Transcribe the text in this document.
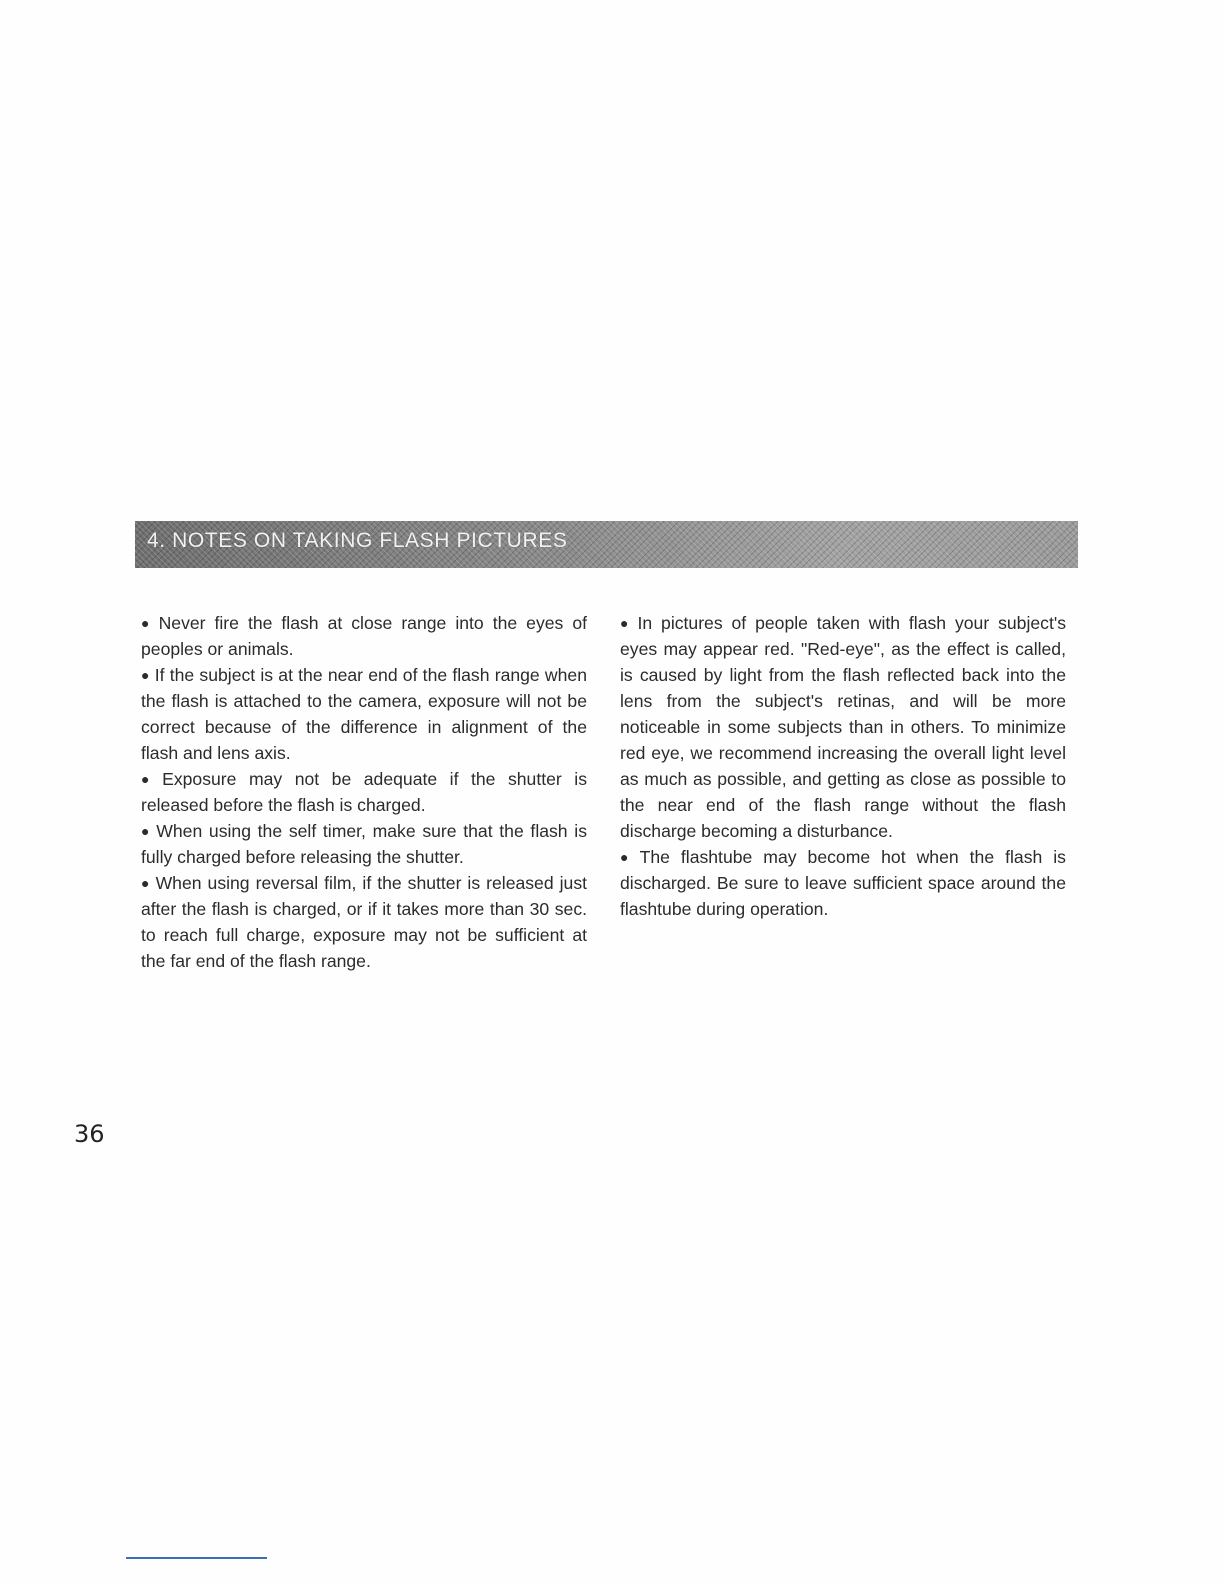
4. NOTES ON TAKING FLASH PICTURES

● Never fire the flash at close range into the eyes of peoples or animals.

● If the subject is at the near end of the flash range when the flash is attached to the camera, exposure will not be correct because of the difference in alignment of the flash and lens axis.

● Exposure may not be adequate if the shutter is released before the flash is charged.

● When using the self timer, make sure that the flash is fully charged before releasing the shutter.

● When using reversal film, if the shutter is released just after the flash is charged, or if it takes more than 30 sec. to reach full charge, exposure may not be sufficient at the far end of the flash range.

● In pictures of people taken with flash your subject's eyes may appear red. "Red-eye", as the effect is called, is caused by light from the flash reflected back into the lens from the subject's retinas, and will be more noticeable in some subjects than in others. To minimize red eye, we recommend increasing the overall light level as much as possible, and getting as close as possible to the near end of the flash range without the flash discharge becoming a disturbance.

● The flashtube may become hot when the flash is discharged. Be sure to leave sufficient space around the flashtube during operation.

36
